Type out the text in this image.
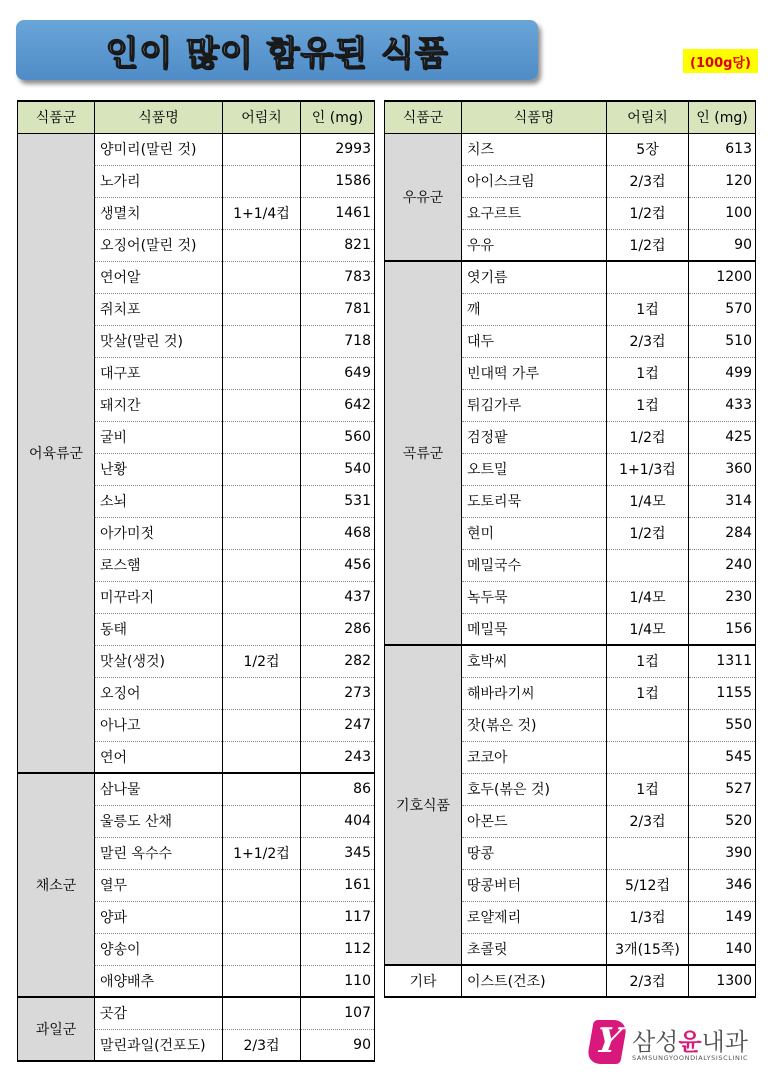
인이 많이 함유된 식품	(100g당)
식품군	식품명	어림치	인 (mg)
어육류군	양미리(말린 것)		2993
	노가리		1586
	생멸치	1+1/4컵	1461
	오징어(말린 것)		821
	연어알		783
	쥐치포		781
	맛살(말린 것)		718
	대구포		649
	돼지간		642
	굴비		560
	난황		540
	소뇌		531
	아가미젓		468
	로스햄		456
	미꾸라지		437
	동태		286
	맛살(생것)	1/2컵	282
	오징어		273
	아나고		247
	연어		243
채소군	삼나물		86
	울릉도 산채		404
	말린 옥수수	1+1/2컵	345
	열무		161
	양파		117
	양송이		112
	애양배추		110
과일군	곳감		107
	말린과일(건포도)	2/3컵	90
식품군	식품명	어림치	인 (mg)
우유군	치즈	5장	613
	아이스크림	2/3컵	120
	요구르트	1/2컵	100
	우유	1/2컵	90
곡류군	엿기름		1200
	깨	1컵	570
	대두	2/3컵	510
	빈대떡 가루	1컵	499
	튀김가루	1컵	433
	검정팥	1/2컵	425
	오트밀	1+1/3컵	360
	도토리묵	1/4모	314
	현미	1/2컵	284
	메밀국수		240
	녹두묵	1/4모	230
	메밀묵	1/4모	156
기호식품	호박씨	1컵	1311
	해바라기씨	1컵	1155
	잣(볶은 것)		550
	코코아		545
	호두(볶은 것)	1컵	527
	아몬드	2/3컵	520
	땅콩		390
	땅콩버터	5/12컵	346
	로얄제리	1/3컵	149
	초콜릿	3개(15쪽)	140
기타	이스트(건조)	2/3컵	1300
Y 삼성윤내과
SAMSUNGYOONDIALYSISCLINIC
